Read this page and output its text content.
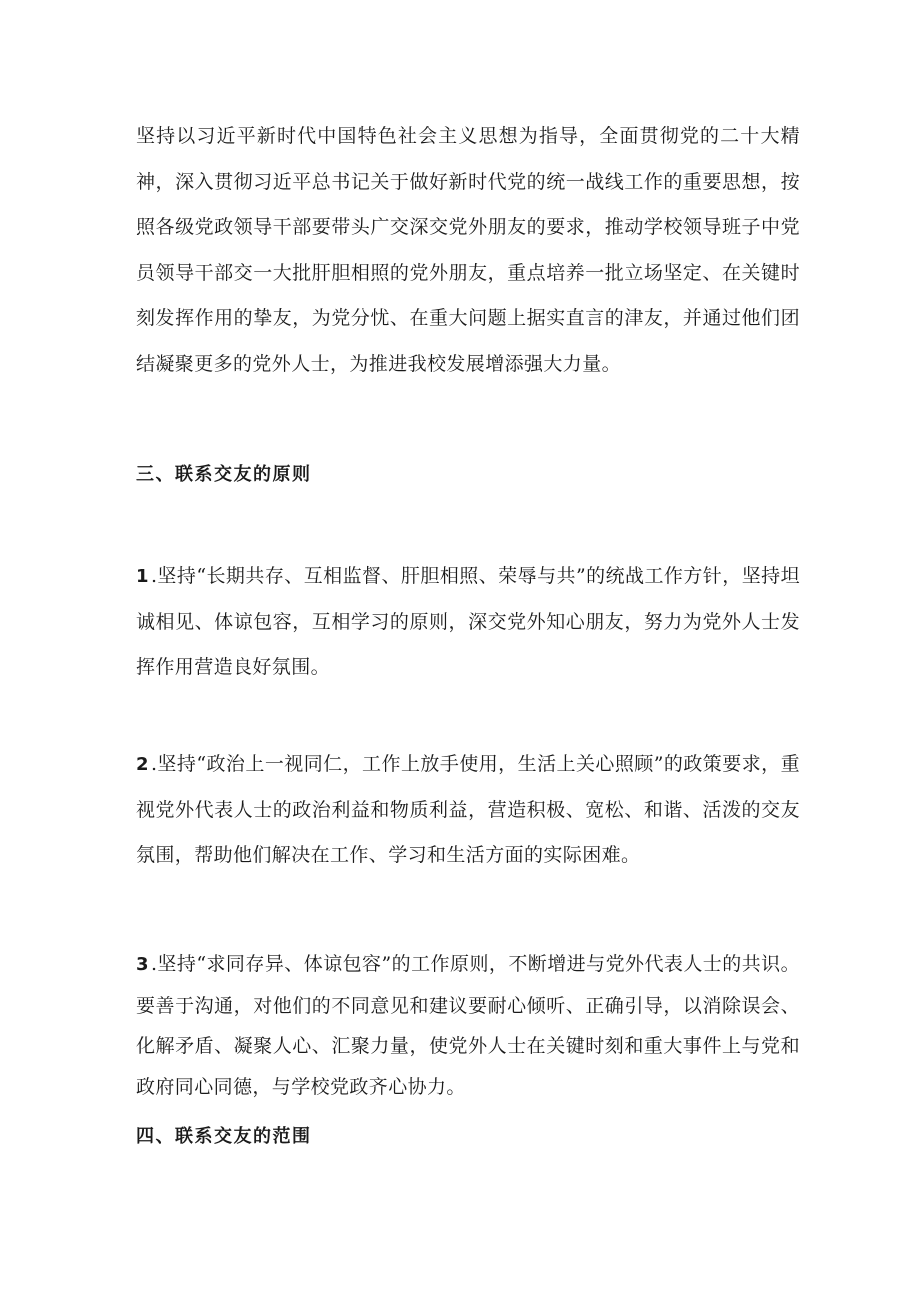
坚持以习近平新时代中国特色社会主义思想为指导，全面贯彻党的二十大精神，深入贯彻习近平总书记关于做好新时代党的统一战线工作的重要思想，按照各级党政领导干部要带头广交深交党外朋友的要求，推动学校领导班子中党员领导干部交一大批肝胆相照的党外朋友，重点培养一批立场坚定、在关键时刻发挥作用的挚友，为党分忧、在重大问题上据实直言的津友，并通过他们团结凝聚更多的党外人士，为推进我校发展增添强大力量。

三、联系交友的原则

1 .坚持“长期共存、互相监督、肝胆相照、荣辱与共”的统战工作方针，坚持坦诚相见、体谅包容，互相学习的原则，深交党外知心朋友，努力为党外人士发挥作用营造良好氛围。

2 .坚持“政治上一视同仁，工作上放手使用，生活上关心照顾”的政策要求，重视党外代表人士的政治利益和物质利益，营造积极、宽松、和谐、活泼的交友氛围，帮助他们解决在工作、学习和生活方面的实际困难。

3 .坚持“求同存异、体谅包容”的工作原则，不断增进与党外代表人士的共识。要善于沟通，对他们的不同意见和建议要耐心倾听、正确引导，以消除误会、化解矛盾、凝聚人心、汇聚力量，使党外人士在关键时刻和重大事件上与党和政府同心同德，与学校党政齐心协力。

四、联系交友的范围
